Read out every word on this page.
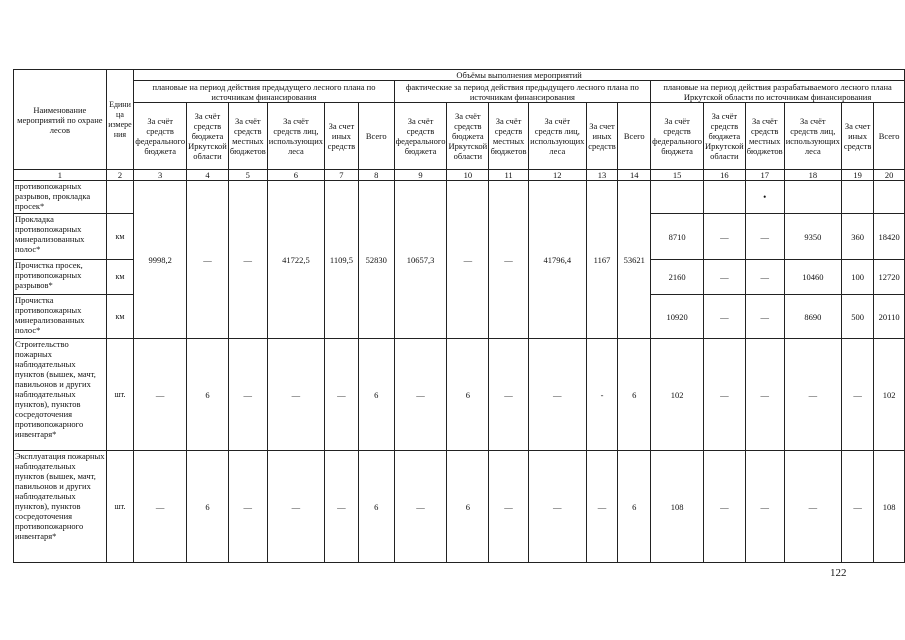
Наименование мероприятий по охране лесов	Едини ца измере ния	Объёмы выполнения мероприятий																	
		плановые на период действия предыдущего лесного плана по источникам финансирования						фактические за период действия предыдущего лесного плана по источникам финансирования						плановые на период действия разрабатываемого лесного плана Иркутской области по источникам финансирования					
		За счёт средств федерального бюджета	За счёт средств бюджета Иркутской области	За счёт средств местных бюджетов	За счёт средств лиц, использующих леса	За счет иных средств	Всего	За счёт средств федерального бюджета	За счёт средств бюджета Иркутской области	За счёт средств местных бюджетов	За счёт средств лиц, использующих леса	За счет иных средств	Всего	За счёт средств федерального бюджета	За счёт средств бюджета Иркутской области	За счёт средств местных бюджетов	За счёт средств лиц, использующих леса	За счет иных средств	Всего
1	2	3	4	5	6	7	8	9	10	11	12	13	14	15	16	17	18	19	20
противопожарных разрывов, прокладка просек*		9998,2	—	—	41722,5	1109,5	52830	10657,3	—	—	41796,4	1167	53621			•			
Прокладка противопожарных минерализованных полос*	км													8710	—	—	9350	360	18420
Прочистка просек, противопожарных разрывов*	км													2160	—	—	10460	100	12720
Прочистка противопожарных минерализованных полос*	км													10920	—	—	8690	500	20110
Строительство пожарных наблюдательных пунктов (вышек, мачт, павильонов и других наблюдательных пунктов), пунктов сосредоточения противопожарного инвентаря*	шт.	—	6	—	—	—	6	—	6	—	—	-	6	102	—	—	—	—	102
Эксплуатация пожарных наблюдательных пунктов (вышек, мачт, павильонов и других наблюдательных пунктов), пунктов сосредоточения противопожарного инвентаря*	шт.	—	6	—	—	—	6	—	6	—	—	—	6	108	—	—	—	—	108
122
